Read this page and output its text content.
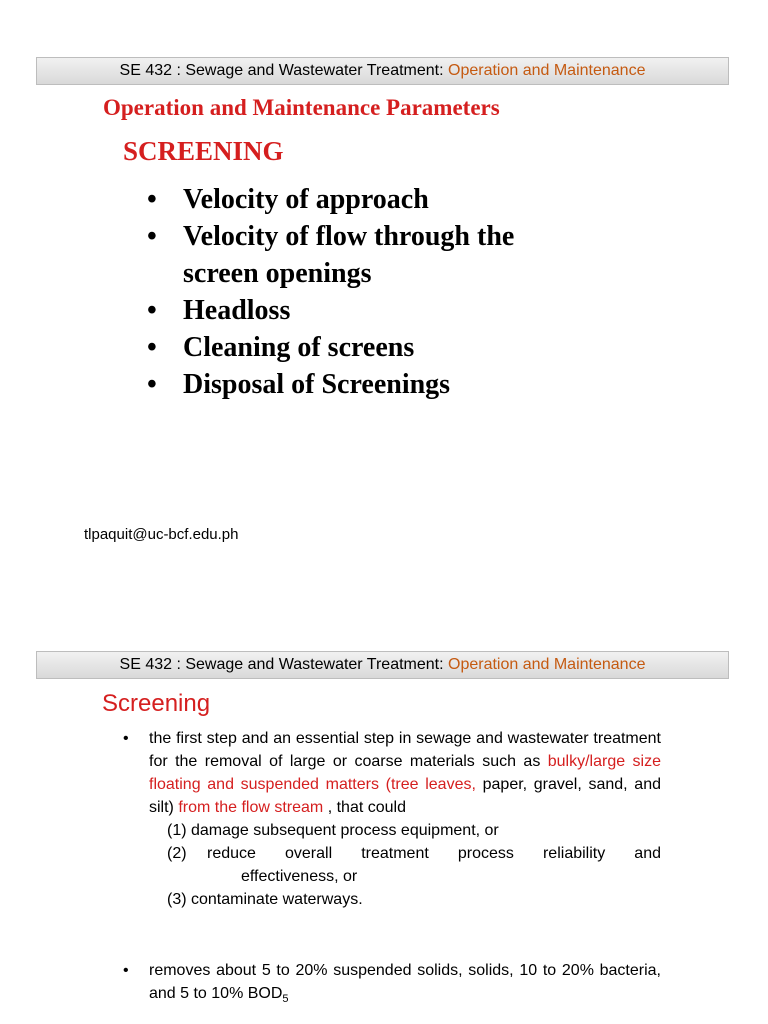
SE 432 : Sewage and Wastewater Treatment: Operation and Maintenance
Operation and Maintenance Parameters
SCREENING
• Velocity of approach
• Velocity of flow through the screen openings
• Headloss
• Cleaning of screens
• Disposal of Screenings
tlpaquit@uc-bcf.edu.ph
SE 432 : Sewage and Wastewater Treatment: Operation and Maintenance
Screening
• the first step and an essential step in sewage and wastewater treatment for the removal of large or coarse materials such as bulky/large size floating and suspended matters (tree leaves, paper, gravel, sand, and silt) from the flow stream , that could
(1) damage subsequent process equipment, or
(2)	reduce overall treatment process reliability and
effectiveness, or
(3) contaminate waterways.
• removes about 5 to 20% suspended solids, solids, 10 to 20% bacteria, and 5 to 10% $BOD_5$
